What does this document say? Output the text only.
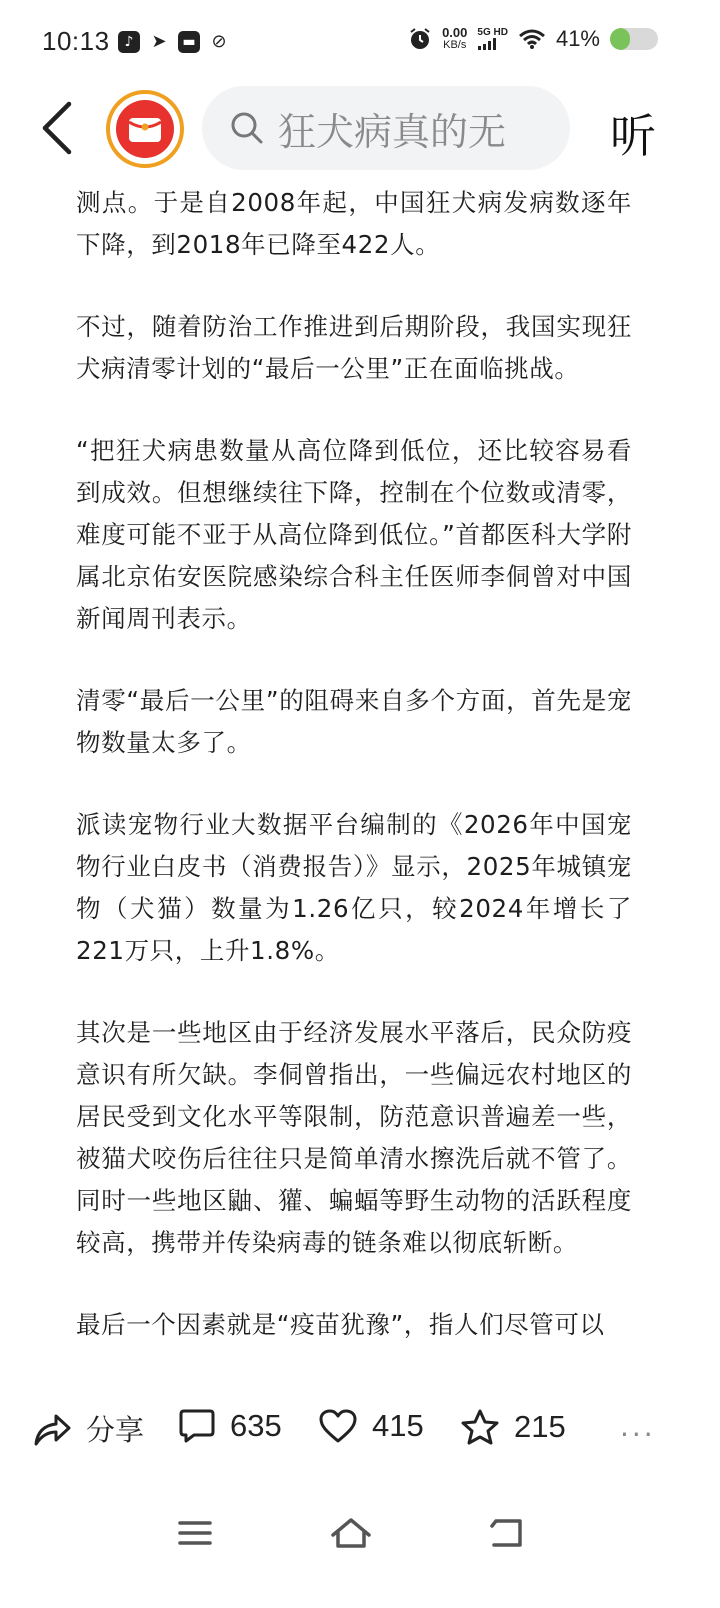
10:13	♪ ➤	▬ ⊘	0.00
KB/s
5G HD 41%
狂犬病真的无 听

测点。于是自2008年起，中国狂犬病发病数逐年下降，到2018年已降至422人。

不过，随着防治工作推进到后期阶段，我国实现狂犬病清零计划的“最后一公里”正在面临挑战。

“把狂犬病患数量从高位降到低位，还比较容易看到成效。但想继续往下降，控制在个位数或清零，难度可能不亚于从高位降到低位。”首都医科大学附属北京佑安医院感染综合科主任医师李侗曾对中国新闻周刊表示。

清零“最后一公里”的阻碍来自多个方面，首先是宠物数量太多了。

派读宠物行业大数据平台编制的《2026年中国宠物行业白皮书（消费报告）》显示，2025年城镇宠物（犬猫）数量为1.26亿只，较2024年增长了221万只，上升1.8%。

其次是一些地区由于经济发展水平落后，民众防疫意识有所欠缺。李侗曾指出，一些偏远农村地区的居民受到文化水平等限制，防范意识普遍差一些，被猫犬咬伤后往往只是简单清水擦洗后就不管了。同时一些地区鼬、獾、蝙蝠等野生动物的活跃程度较高，携带并传染病毒的链条难以彻底斩断。

最后一个因素就是“疫苗犹豫”，指人们尽管可以

分享	635	415	215 ···
